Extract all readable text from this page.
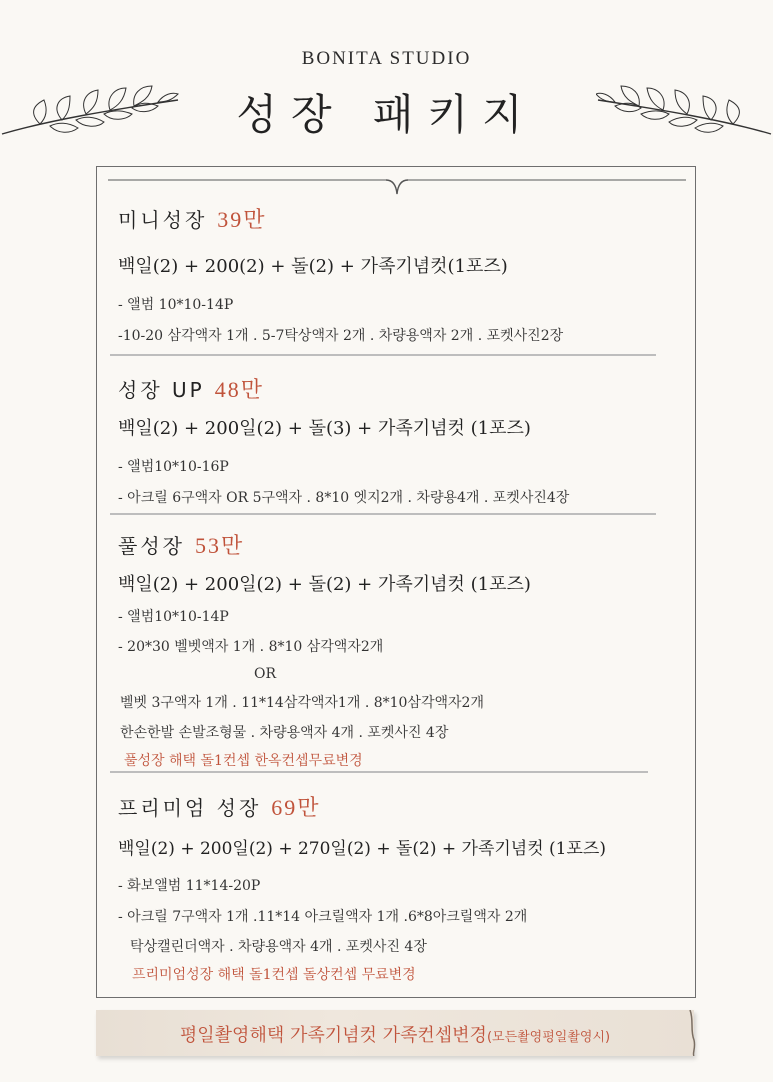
BONITA STUDIO
성장 패키지
미니성장 39만
백일(2) + 200(2) + 돌(2) + 가족기념컷(1포즈)
- 앨범 10*10-14P
-10-20 삼각액자 1개 . 5-7탁상액자 2개 . 차량용액자 2개 . 포켓사진2장
성장 UP 48만
백일(2) + 200일(2) + 돌(3) + 가족기념컷 (1포즈)
- 앨범10*10-16P
- 아크릴 6구액자 OR 5구액자 . 8*10 엣지2개 . 차량용4개 . 포켓사진4장
풀성장 53만
백일(2) + 200일(2) + 돌(2) + 가족기념컷 (1포즈)
- 앨범10*10-14P
- 20*30 벨벳액자 1개 . 8*10 삼각액자2개
OR
벨벳 3구액자 1개 . 11*14삼각액자1개 . 8*10삼각액자2개
한손한발 손발조형물 . 차량용액자 4개 . 포켓사진 4장
풀성장 해택 돌1컨셉 한옥컨셉무료변경
프리미엄 성장 69만
백일(2) + 200일(2) + 270일(2) + 돌(2) + 가족기념컷 (1포즈)
- 화보앨범 11*14-20P
- 아크릴 7구액자 1개 .11*14 아크릴액자 1개 .6*8아크릴액자 2개
탁상캘린더액자 . 차량용액자 4개 . 포켓사진 4장
프리미엄성장 해택 돌1컨셉 돌상컨셉 무료변경
평일촬영해택 가족기념컷 가족컨셉변경(모든촬영평일촬영시)
